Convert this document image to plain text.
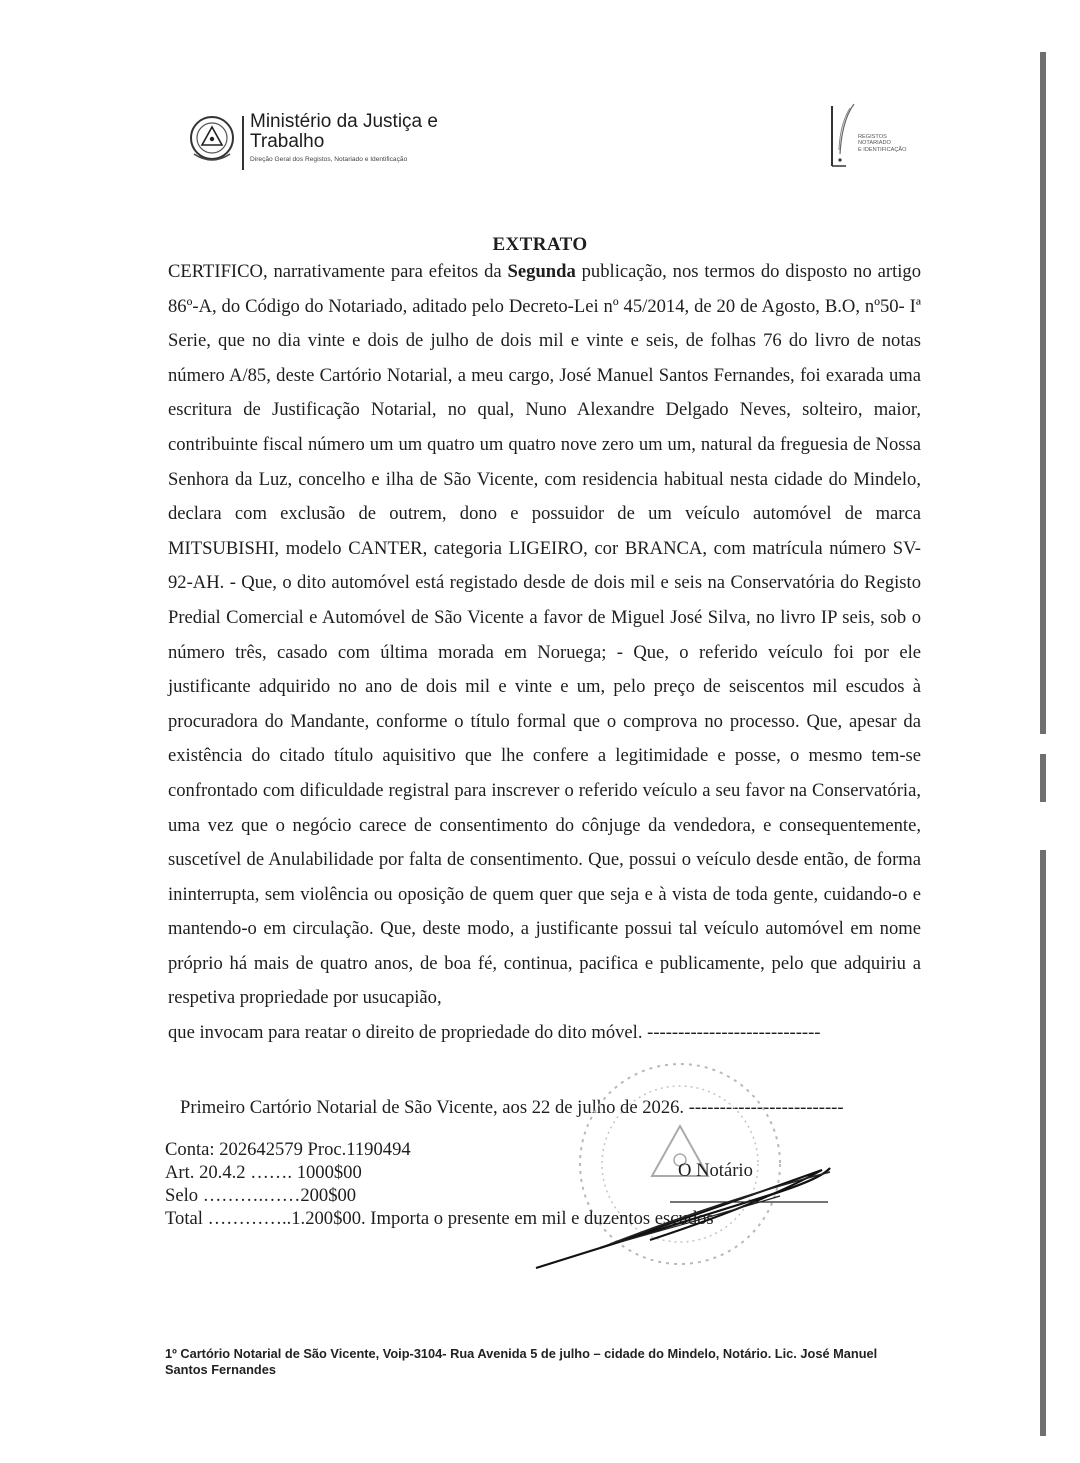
Ministério da Justiça e
Trabalho
Direção Geral dos Registos, Notariado e Identificação
REGISTOS
NOTARIADO
E IDENTIFICAÇÃO
EXTRATO

CERTIFICO, narrativamente para efeitos da Segunda publicação, nos termos do disposto no artigo 86º-A, do Código do Notariado, aditado pelo Decreto-Lei nº 45/2014, de 20 de Agosto, B.O, nº50- Iª Serie, que no dia vinte e dois de julho de dois mil e vinte e seis, de folhas 76 do livro de notas número A/85, deste Cartório Notarial, a meu cargo, José Manuel Santos Fernandes, foi exarada uma escritura de Justificação Notarial, no qual, Nuno Alexandre Delgado Neves, solteiro, maior, contribuinte fiscal número um um quatro um quatro nove zero um um, natural da freguesia de Nossa Senhora da Luz, concelho e ilha de São Vicente, com residencia habitual nesta cidade do Mindelo, declara com exclusão de outrem, dono e possuidor de um veículo automóvel de marca MITSUBISHI, modelo CANTER, categoria LIGEIRO, cor BRANCA, com matrícula número SV-92-AH. - Que, o dito automóvel está registado desde de dois mil e seis na Conservatória do Registo Predial Comercial e Automóvel de São Vicente a favor de Miguel José Silva, no livro IP seis, sob o número três, casado com última morada em Noruega; - Que, o referido veículo foi por ele justificante adquirido no ano de dois mil e vinte e um, pelo preço de seiscentos mil escudos à procuradora do Mandante, conforme o título formal que o comprova no processo. Que, apesar da existência do citado título aquisitivo que lhe confere a legitimidade e posse, o mesmo tem-se confrontado com dificuldade registral para inscrever o referido veículo a seu favor na Conservatória, uma vez que o negócio carece de consentimento do cônjuge da vendedora, e consequentemente, suscetível de Anulabilidade por falta de consentimento. Que, possui o veículo desde então, de forma ininterrupta, sem violência ou oposição de quem quer que seja e à vista de toda gente, cuidando-o e mantendo-o em circulação. Que, deste modo, a justificante possui tal veículo automóvel em nome próprio há mais de quatro anos, de boa fé, continua, pacifica e publicamente, pelo que adquiriu a respetiva propriedade por usucapião,

que invocam para reatar o direito de propriedade do dito móvel. ----------------------------

Primeiro Cartório Notarial de São Vicente, aos 22 de julho de 2026. -------------------------
Conta: 202642579 Proc.1190494
Art. 20.4.2 ……. 1000$00
Selo ……….……200$00
Total …………..1.200$00. Importa o presente em mil e duzentos escudos
O Notário
1º Cartório Notarial de São Vicente, Voip-3104- Rua Avenida 5 de julho – cidade do Mindelo, Notário. Lic. José Manuel Santos Fernandes
